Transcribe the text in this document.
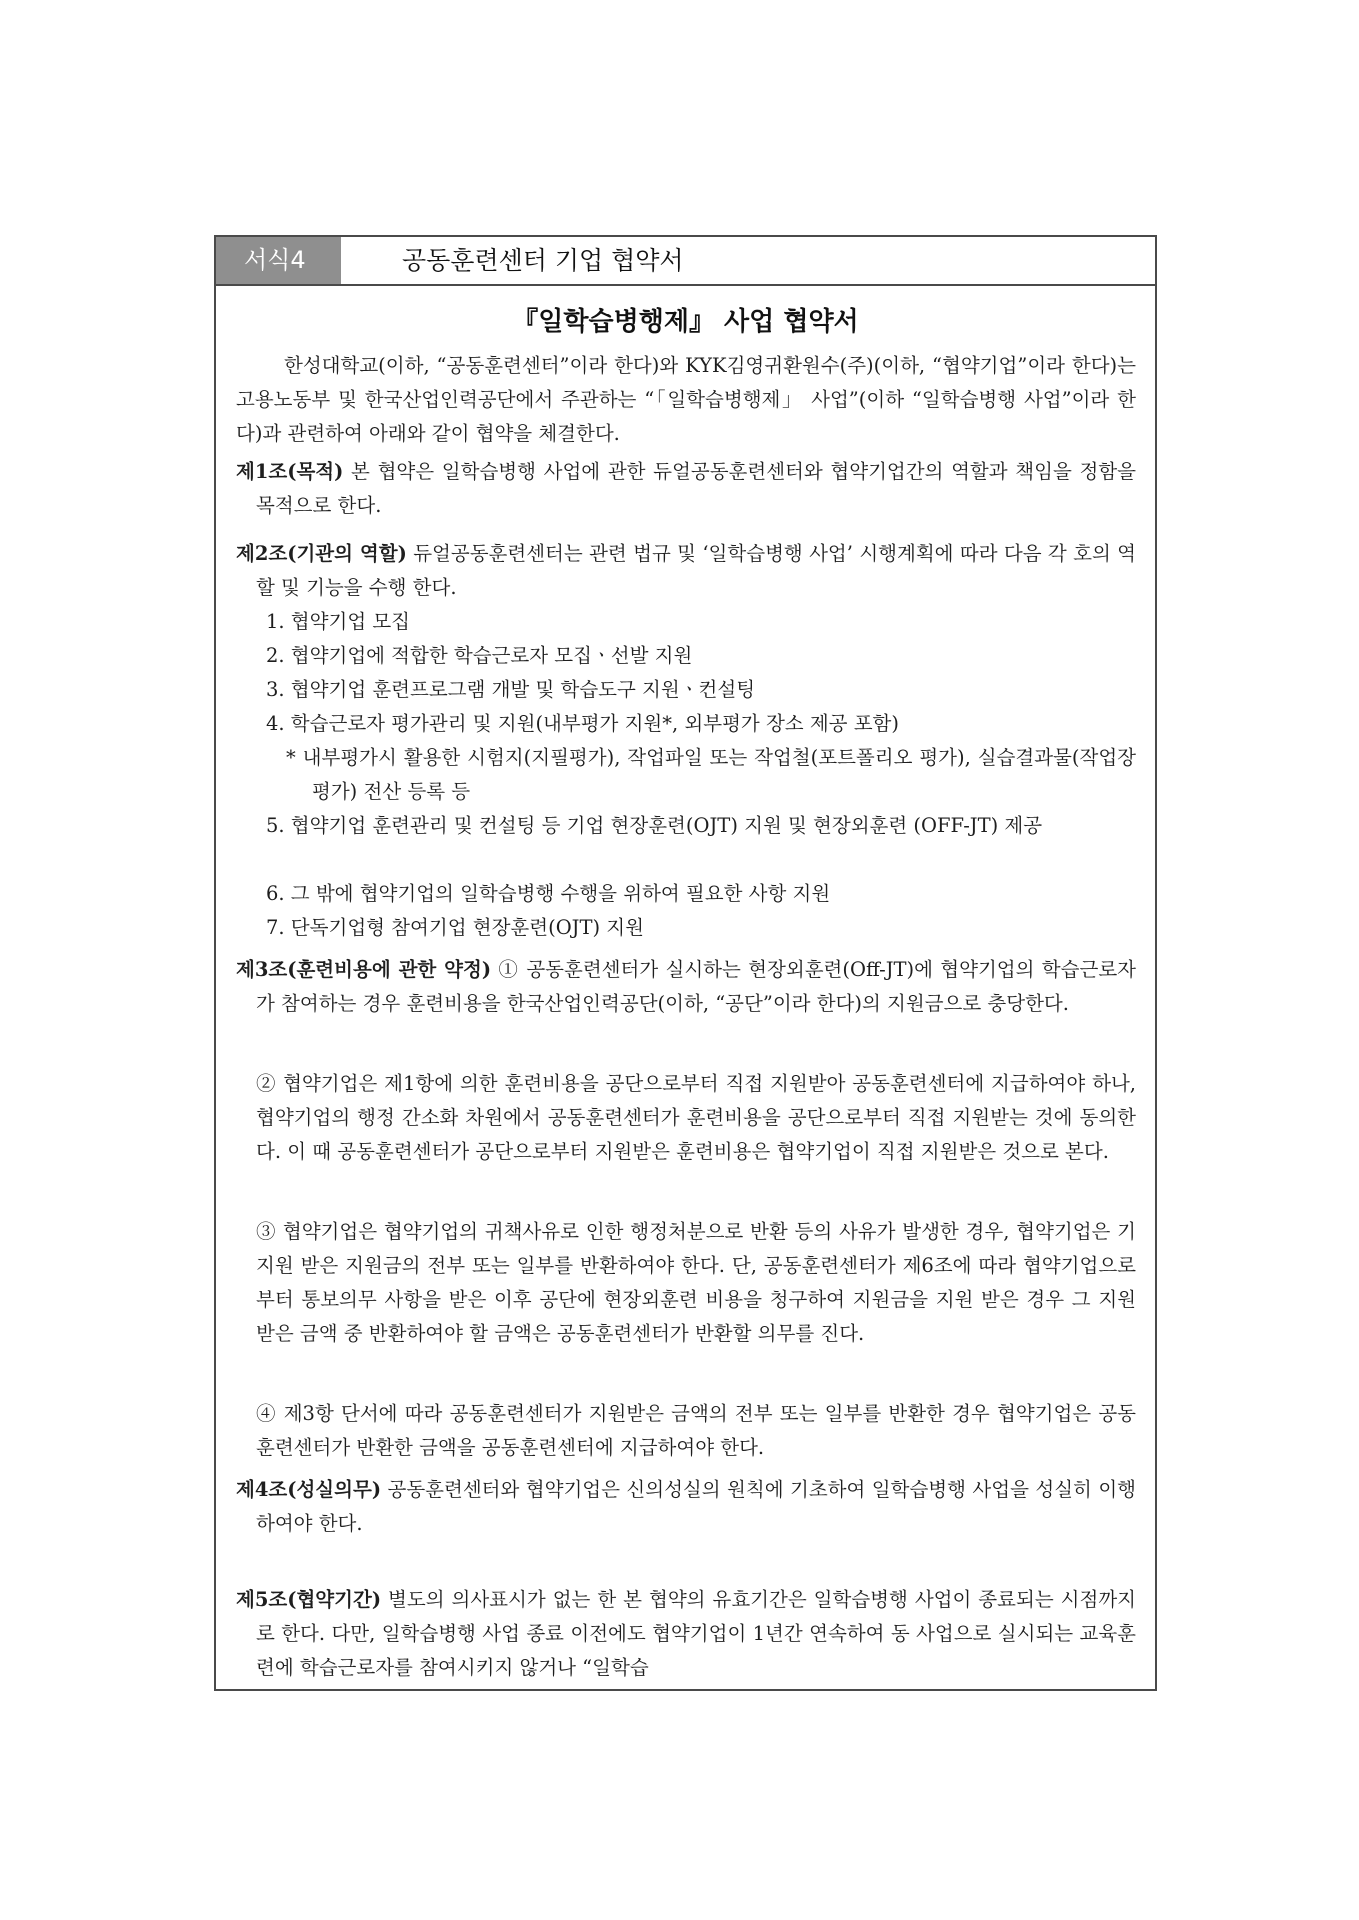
서식4	공동훈련센터 기업 협약서
『일학습병행제』 사업 협약서
한성대학교(이하, “공동훈련센터”이라 한다)와 KYK김영귀환원수(주)(이하, “협약기업”이라 한다)는 고용노동부 및 한국산업인력공단에서 주관하는 “「일학습병행제」 사업”(이하 “일학습병행 사업”이라 한다)과 관련하여 아래와 같이 협약을 체결한다.
제1조(목적) 본 협약은 일학습병행 사업에 관한 듀얼공동훈련센터와 협약기업간의 역할과 책임을 정함을 목적으로 한다.
제2조(기관의 역할) 듀얼공동훈련센터는 관련 법규 및 ‘일학습병행 사업’ 시행계획에 따라 다음 각 호의 역할 및 기능을 수행 한다.
1. 협약기업 모집
2. 협약기업에 적합한 학습근로자 모집ㆍ선발 지원
3. 협약기업 훈련프로그램 개발 및 학습도구 지원ㆍ컨설팅
4. 학습근로자 평가관리 및 지원(내부평가 지원*, 외부평가 장소 제공 포함)
* 내부평가시 활용한 시험지(지필평가), 작업파일 또는 작업철(포트폴리오 평가), 실습결과물(작업장 평가) 전산 등록 등
5. 협약기업 훈련관리 및 컨설팅 등 기업 현장훈련(OJT) 지원 및 현장외훈련 (OFF-JT) 제공
6. 그 밖에 협약기업의 일학습병행 수행을 위하여 필요한 사항 지원
7. 단독기업형 참여기업 현장훈련(OJT) 지원
제3조(훈련비용에 관한 약정) ① 공동훈련센터가 실시하는 현장외훈련(Off-JT)에 협약기업의 학습근로자가 참여하는 경우 훈련비용을 한국산업인력공단(이하, “공단”이라 한다)의 지원금으로 충당한다.
② 협약기업은 제1항에 의한 훈련비용을 공단으로부터 직접 지원받아 공동훈련센터에 지급하여야 하나, 협약기업의 행정 간소화 차원에서 공동훈련센터가 훈련비용을 공단으로부터 직접 지원받는 것에 동의한다. 이 때 공동훈련센터가 공단으로부터 지원받은 훈련비용은 협약기업이 직접 지원받은 것으로 본다.
③ 협약기업은 협약기업의 귀책사유로 인한 행정처분으로 반환 등의 사유가 발생한 경우, 협약기업은 기지원 받은 지원금의 전부 또는 일부를 반환하여야 한다. 단, 공동훈련센터가 제6조에 따라 협약기업으로부터 통보의무 사항을 받은 이후 공단에 현장외훈련 비용을 청구하여 지원금을 지원 받은 경우 그 지원 받은 금액 중 반환하여야 할 금액은 공동훈련센터가 반환할 의무를 진다.
④ 제3항 단서에 따라 공동훈련센터가 지원받은 금액의 전부 또는 일부를 반환한 경우 협약기업은 공동훈련센터가 반환한 금액을 공동훈련센터에 지급하여야 한다.
제4조(성실의무) 공동훈련센터와 협약기업은 신의성실의 원칙에 기초하여 일학습병행 사업을 성실히 이행하여야 한다.
제5조(협약기간) 별도의 의사표시가 없는 한 본 협약의 유효기간은 일학습병행 사업이 종료되는 시점까지로 한다. 다만, 일학습병행 사업 종료 이전에도 협약기업이 1년간 연속하여 동 사업으로 실시되는 교육훈련에 학습근로자를 참여시키지 않거나 “일학습
